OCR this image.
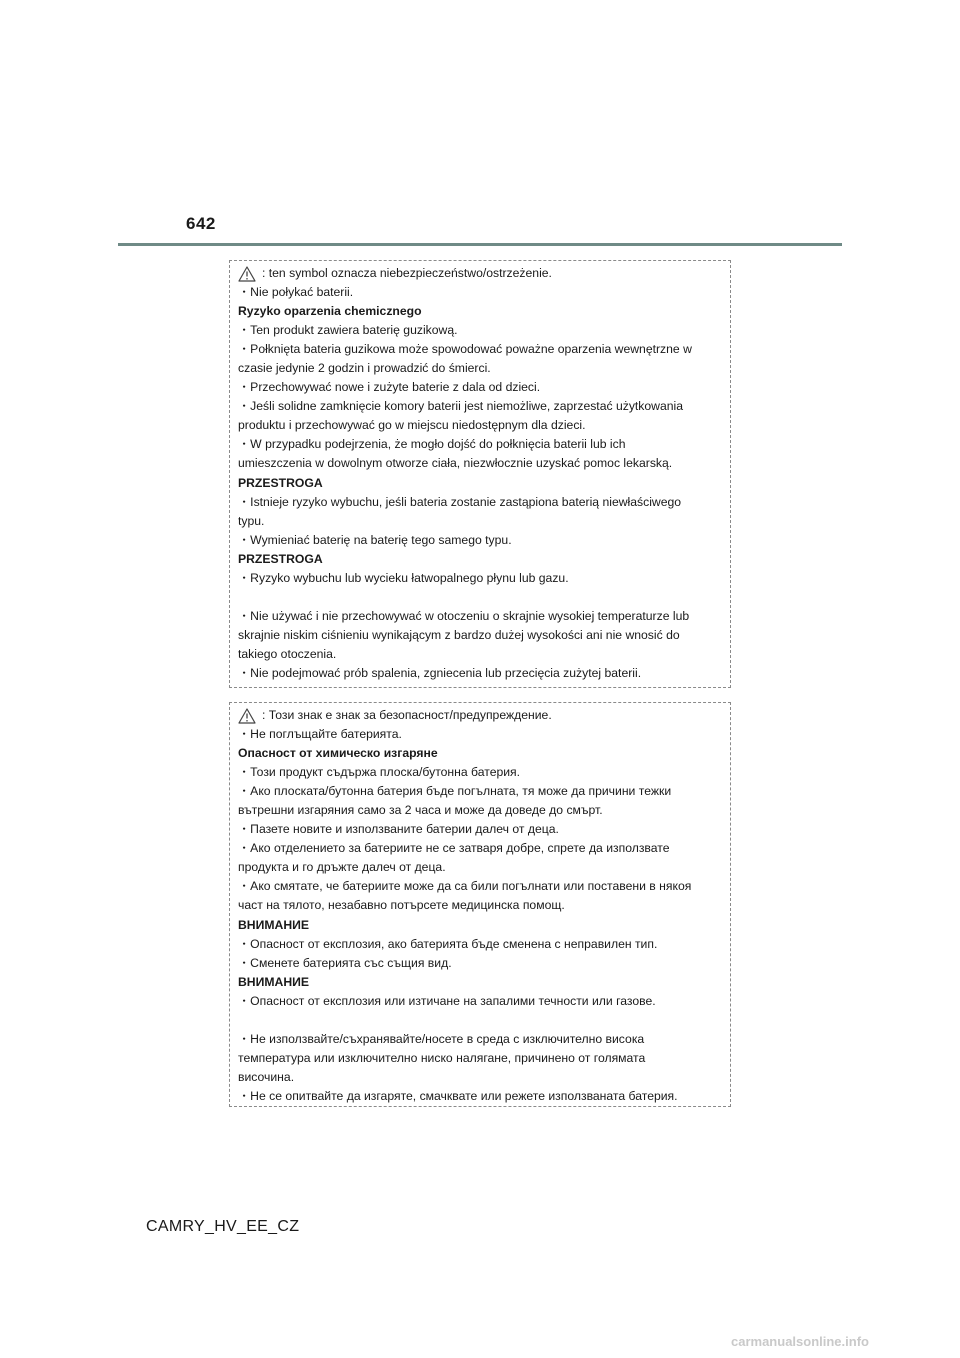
642
: ten symbol oznacza niebezpieczeństwo/ostrzeżenie.
・Nie połykać baterii.
Ryzyko oparzenia chemicznego
・Ten produkt zawiera baterię guzikową.
・Połknięta bateria guzikowa może spowodować poważne oparzenia wewnętrzne w
czasie jedynie 2 godzin i prowadzić do śmierci.
・Przechowywać nowe i zużyte baterie z dala od dzieci.
・Jeśli solidne zamknięcie komory baterii jest niemożliwe, zaprzestać użytkowania
produktu i przechowywać go w miejscu niedostępnym dla dzieci.
・W przypadku podejrzenia, że mogło dojść do połknięcia baterii lub ich
umieszczenia w dowolnym otworze ciała, niezwłocznie uzyskać pomoc lekarską.
PRZESTROGA
・Istnieje ryzyko wybuchu, jeśli bateria zostanie zastąpiona baterią niewłaściwego
typu.
・Wymieniać baterię na baterię tego samego typu.
PRZESTROGA
・Ryzyko wybuchu lub wycieku łatwopalnego płynu lub gazu.
・Nie używać i nie przechowywać w otoczeniu o skrajnie wysokiej temperaturze lub
skrajnie niskim ciśnieniu wynikającym z bardzo dużej wysokości ani nie wnosić do
takiego otoczenia.
・Nie podejmować prób spalenia, zgniecenia lub przecięcia zużytej baterii.
: Този знак е знак за безопасност/предупреждение.
・Не поглъщайте батерията.
Опасност от химическо изгаряне
・Този продукт съдържа плоска/бутонна батерия.
・Ако плоската/бутонна батерия бъде погълната, тя може да причини тежки
вътрешни изгаряния само за 2 часа и може да доведе до смърт.
・Пазете новите и използваните батерии далеч от деца.
・Ако отделението за батериите не се затваря добре, спрете да използвате
продукта и го дръжте далеч от деца.
・Ако смятате, че батериите може да са били погълнати или поставени в някоя
част на тялото, незабавно потърсете медицинска помощ.
ВНИМАНИЕ
・Опасност от експлозия, ако батерията бъде сменена с неправилен тип.
・Сменете батерията със същия вид.
ВНИМАНИЕ
・Опасност от експлозия или изтичане на запалими течности или газове.
・Не използвайте/съхранявайте/носете в среда с изключително висока
температура или изключително ниско налягане, причинено от голямата
височина.
・Не се опитвайте да изгаряте, смачквате или режете използваната батерия.
CAMRY_HV_EE_CZ
carmanualsonline.info
